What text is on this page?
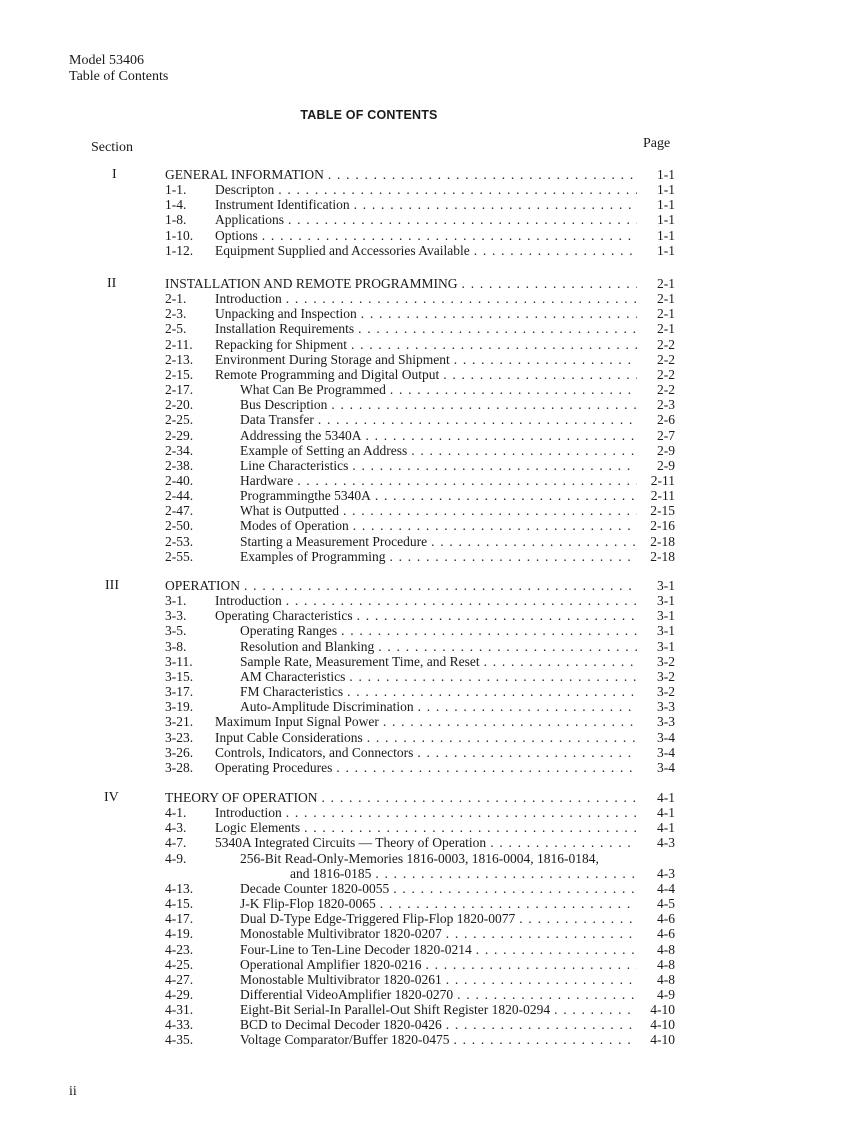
Model 53406
Table of Contents
TABLE OF CONTENTS
Section	Page
I	GENERAL INFORMATION . . .	1-1
1-1. Descripton . . .	1-1
1-4. Instrument Identification . . .	1-1
1-8. Applications . . .	1-1
1-10. Options . . .	1-1
1-12. Equipment Supplied and Accessories Available . . .	1-1
II	INSTALLATION AND REMOTE PROGRAMMING . . .	2-1
2-1. Introduction . . .	2-1
2-3. Unpacking and Inspection . . .	2-1
2-5. Installation Requirements . . .	2-1
2-11. Repacking for Shipment . . .	2-2
2-13. Environment During Storage and Shipment . . .	2-2
2-15. Remote Programming and Digital Output . . .	2-2
2-17.	What Can Be Programmed . . .	2-2
2-20.	Bus Description . . .	2-3
2-25.	Data Transfer . . .	2-6
2-29.	Addressing the 5340A . . .	2-7
2-34.	Example of Setting an Address . . .	2-9
2-38.	Line Characteristics . . .	2-9
2-40.	Hardware . . .	2-11
2-44.	Programmingthe 5340A . . .	2-11
2-47.	What is Outputted . . .	2-15
2-50.	Modes of Operation . . .	2-16
2-53.	Starting a Measurement Procedure . . .	2-18
2-55.	Examples of Programming . . .	2-18
III	OPERATION . . .	3-1
3-1. Introduction . . .	3-1
3-3. Operating Characteristics . . .	3-1
3-5.	Operating Ranges . . .	3-1
3-8.	Resolution and Blanking . . .	3-1
3-11.	Sample Rate, Measurement Time, and Reset . . .	3-2
3-15.	AM Characteristics . . .	3-2
3-17.	FM Characteristics . . .	3-2
3-19.	Auto-Amplitude Discrimination . . .	3-3
3-21. Maximum Input Signal Power . . .	3-3
3-23. Input Cable Considerations . . .	3-4
3-26. Controls, Indicators, and Connectors . . .	3-4
3-28. Operating Procedures . . .	3-4
IV	THEORY OF OPERATION . . .	4-1
4-1. Introduction . . .	4-1
4-3. Logic Elements . . .	4-1
4-7. 5340A Integrated Circuits — Theory of Operation . . .	4-3
4-9.	256-Bit Read-Only-Memories 1816-0003, 1816-0004, 1816-0184,
and 1816-0185 . . .	4-3
4-13.	Decade Counter 1820-0055 . . .	4-4
4-15.	J-K Flip-Flop 1820-0065 . . .	4-5
4-17.	Dual D-Type Edge-Triggered Flip-Flop 1820-0077 . . .	4-6
4-19.	Monostable Multivibrator 1820-0207 . . .	4-6
4-23.	Four-Line to Ten-Line Decoder 1820-0214 . . .	4-8
4-25.	Operational Amplifier 1820-0216 . . .	4-8
4-27.	Monostable Multivibrator 1820-0261 . . .	4-8
4-29.	Differential VideoAmplifier 1820-0270 . . .	4-9
4-31.	Eight-Bit Serial-In Parallel-Out Shift Register 1820-0294 . . .	4-10
4-33.	BCD to Decimal Decoder 1820-0426 . . .	4-10
4-35.	Voltage Comparator/Buffer 1820-0475 . . .	4-10
ii
